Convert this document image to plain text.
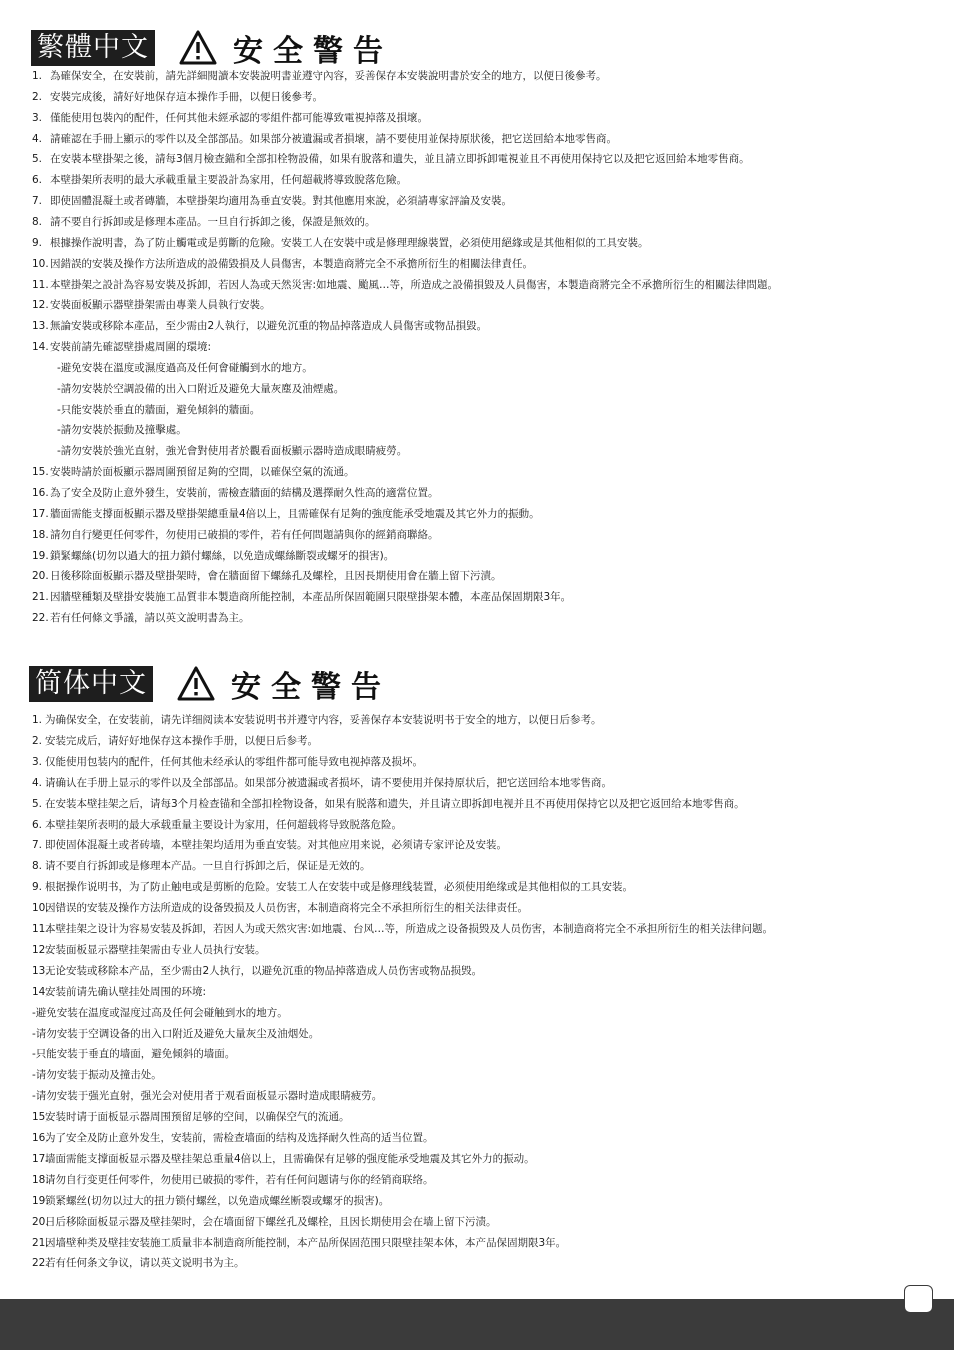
繁體中文	安全警告
1. 為確保安全，在安裝前，請先詳細閱讀本安裝說明書並遵守內容，妥善保存本安裝說明書於安全的地方，以便日後參考。
2. 安裝完成後，請好好地保存這本操作手冊，以便日後參考。
3. 僅能使用包裝內的配件，任何其他未經承認的零組件都可能導致電視掉落及損壞。
4. 請確認在手冊上顯示的零件以及全部部品。如果部分被遺漏或者損壞，請不要使用並保持原狀後，把它送回給本地零售商。
5. 在安裝本壁掛架之後，請每3個月檢查錨和全部扣栓物設備，如果有脫落和遺失，並且請立即拆卸電視並且不再使用保持它以及把它返回給本地零售商。
6. 本壁掛架所表明的最大承載重量主要設計為家用，任何超載將導致脫落危險。
7. 即使固體混凝土或者磚牆，本壁掛架均適用為垂直安裝。對其他應用來說，必須請專家評論及安裝。
8. 請不要自行拆卸或是修理本產品。一旦自行拆卸之後，保證是無效的。
9. 根據操作說明書，為了防止觸電或是剪斷的危險。安裝工人在安裝中或是修理理線裝置，必須使用絕緣或是其他相似的工具安裝。
10.因錯誤的安裝及操作方法所造成的設備毀損及人員傷害，本製造商將完全不承擔所衍生的相關法律責任。
11.本壁掛架之設計為容易安裝及拆卸，若因人為或天然災害:如地震、颱風…等，所造成之設備損毀及人員傷害，本製造商將完全不承擔所衍生的相關法律問題。
12.安裝面板顯示器壁掛架需由專業人員執行安裝。
13.無論安裝或移除本產品，至少需由2人執行，以避免沉重的物品掉落造成人員傷害或物品損毀。
14.安裝前請先確認壁掛處周圍的環境:
-避免安裝在溫度或濕度過高及任何會碰觸到水的地方。
-請勿安裝於空調設備的出入口附近及避免大量灰塵及油煙處。
-只能安裝於垂直的牆面，避免傾斜的牆面。
-請勿安裝於振動及撞擊處。
-請勿安裝於強光直射，強光會對使用者於觀看面板顯示器時造成眼睛疲勞。
15.安裝時請於面板顯示器周圍預留足夠的空間，以確保空氣的流通。
16.為了安全及防止意外發生，安裝前，需檢查牆面的結構及選擇耐久性高的適當位置。
17.牆面需能支撐面板顯示器及壁掛架總重量4倍以上，且需確保有足夠的強度能承受地震及其它外力的振動。
18.請勿自行變更任何零件，勿使用已破損的零件，若有任何問題請與你的經銷商聯絡。
19.鎖緊螺絲(切勿以過大的扭力鎖付螺絲，以免造成螺絲斷裂或螺牙的損害)。
20.日後移除面板顯示器及壁掛架時，會在牆面留下螺絲孔及螺栓，且因長期使用會在牆上留下污漬。
21.因牆壁種類及壁掛安裝施工品質非本製造商所能控制，本產品所保固範圍只限壁掛架本體，本產品保固期限3年。
22.若有任何條文爭議，請以英文說明書為主。
简体中文	安全警告
1. 为确保安全，在安装前，请先详细阅读本安装说明书并遵守内容，妥善保存本安装说明书于安全的地方，以便日后参考。
2. 安装完成后，请好好地保存这本操作手册，以便日后参考。
3. 仅能使用包装内的配件，任何其他未经承认的零组件都可能导致电视掉落及损坏。
4. 请确认在手册上显示的零件以及全部部品。如果部分被遗漏或者损坏，请不要使用并保持原状后，把它送回给本地零售商。
5. 在安装本壁挂架之后，请每3个月检查锚和全部扣栓物设备，如果有脱落和遗失，并且请立即拆卸电视并且不再使用保持它以及把它返回给本地零售商。
6. 本壁挂架所表明的最大承载重量主要设计为家用，任何超载将导致脱落危险。
7. 即使固体混凝土或者砖墙，本壁挂架均适用为垂直安装。对其他应用来说，必须请专家评论及安装。
8. 请不要自行拆卸或是修理本产品。一旦自行拆卸之后，保证是无效的。
9. 根据操作说明书，为了防止触电或是剪断的危险。安装工人在安装中或是修理线装置，必须使用绝缘或是其他相似的工具安装。
10.因错误的安装及操作方法所造成的设备毁损及人员伤害，本制造商将完全不承担所衍生的相关法律责任。
11.本壁挂架之设计为容易安装及拆卸，若因人为或天然灾害:如地震、台风…等，所造成之设备损毁及人员伤害，本制造商将完全不承担所衍生的相关法律问题。
12.安装面板显示器壁挂架需由专业人员执行安装。
13.无论安装或移除本产品，至少需由2人执行，以避免沉重的物品掉落造成人员伤害或物品损毁。
14.安装前请先确认壁挂处周围的环境:
-避免安装在温度或湿度过高及任何会碰触到水的地方。
-请勿安装于空调设备的出入口附近及避免大量灰尘及油烟处。
-只能安装于垂直的墙面，避免倾斜的墙面。
-请勿安装于振动及撞击处。
-请勿安装于强光直射，强光会对使用者于观看面板显示器时造成眼睛疲劳。
15.安装时请于面板显示器周围预留足够的空间，以确保空气的流通。
16.为了安全及防止意外发生，安装前，需检查墙面的结构及选择耐久性高的适当位置。
17.墙面需能支撑面板显示器及壁挂架总重量4倍以上，且需确保有足够的强度能承受地震及其它外力的振动。
18.请勿自行变更任何零件，勿使用已破损的零件，若有任何问题请与你的经销商联络。
19.锁紧螺丝(切勿以过大的扭力锁付螺丝，以免造成螺丝断裂或螺牙的损害)。
20.日后移除面板显示器及壁挂架时，会在墙面留下螺丝孔及螺栓，且因长期使用会在墙上留下污渍。
21.因墙壁种类及壁挂安装施工质量非本制造商所能控制，本产品所保固范围只限壁挂架本体，本产品保固期限3年。
22.若有任何条文争议，请以英文说明书为主。
